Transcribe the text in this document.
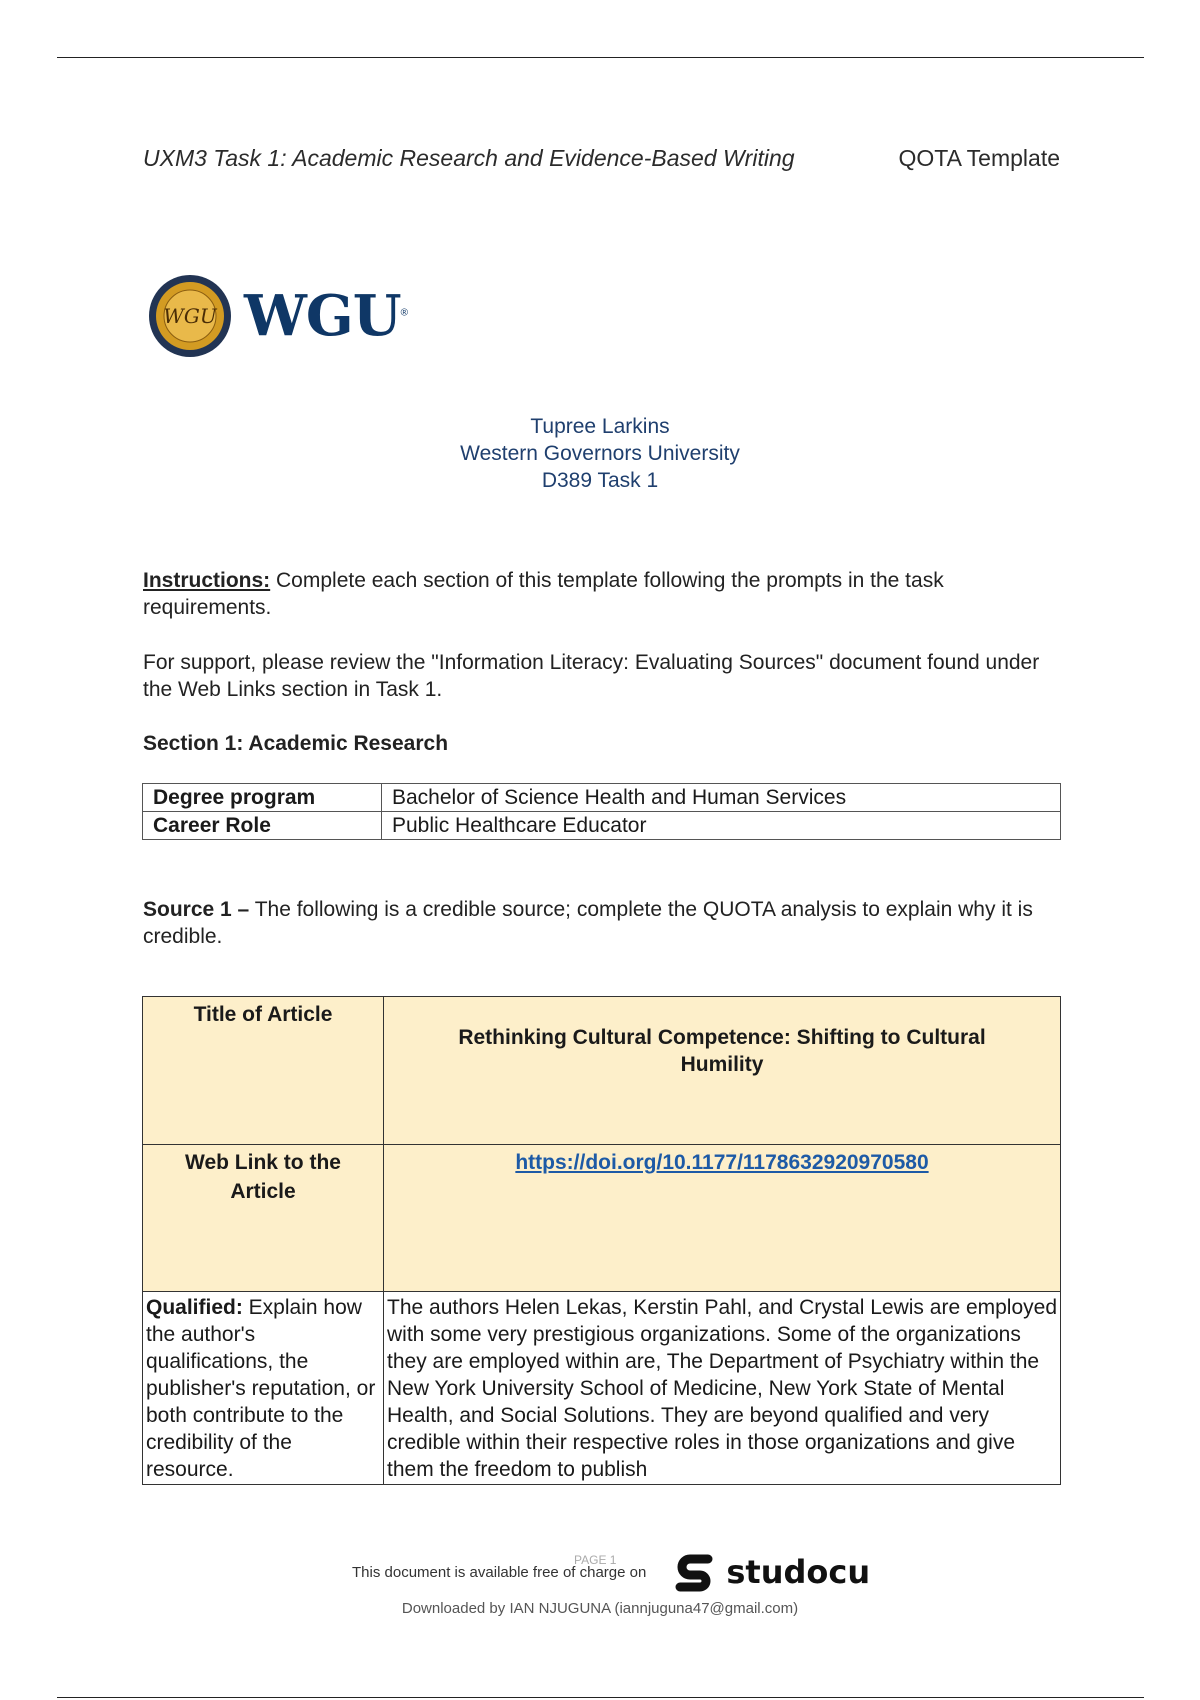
UXM3 Task 1: Academic Research and Evidence-Based Writing	QOTA Template
WGU WGU®
Tupree Larkins
Western Governors University
D389 Task 1
Instructions: Complete each section of this template following the prompts in the task requirements.
For support, please review the "Information Literacy: Evaluating Sources" document found under the Web Links section in Task 1.
Section 1: Academic Research
Degree program	Bachelor of Science Health and Human Services
Career Role	Public Healthcare Educator
Source 1 – The following is a credible source; complete the QUOTA analysis to explain why it is credible.
Title of Article	Rethinking Cultural Competence: Shifting to Cultural Humility

Web Link to the Article	https://doi.org/10.1177/1178632920970580

Qualified: Explain how the author's qualifications, the publisher's reputation, or both contribute to the credibility of the resource.	The authors Helen Lekas, Kerstin Pahl, and Crystal Lewis are employed with some very prestigious organizations. Some of the organizations they are employed within are, The Department of Psychiatry within the New York University School of Medicine, New York State of Mental Health, and Social Solutions. They are beyond qualified and very credible within their respective roles in those organizations and give them the freedom to publish
This document is available free of charge on
PAGE 1	studocu
Downloaded by IAN NJUGUNA (iannjuguna47@gmail.com)
